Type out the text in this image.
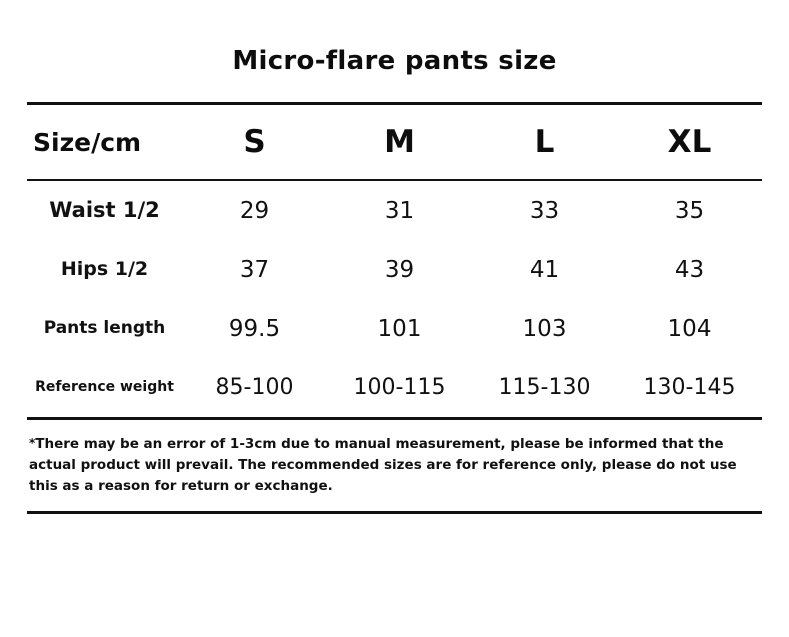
Micro-flare pants size
Size/cm	S	M	L	XL
Waist 1/2	29	31	33	35
Hips 1/2	37	39	41	43
Pants length	99.5	101	103	104
Reference weight	85-100	100-115	115-130	130-145
*There may be an error of 1-3cm due to manual measurement, please be informed that the actual product will prevail. The recommended sizes are for reference only, please do not use this as a reason for return or exchange.
